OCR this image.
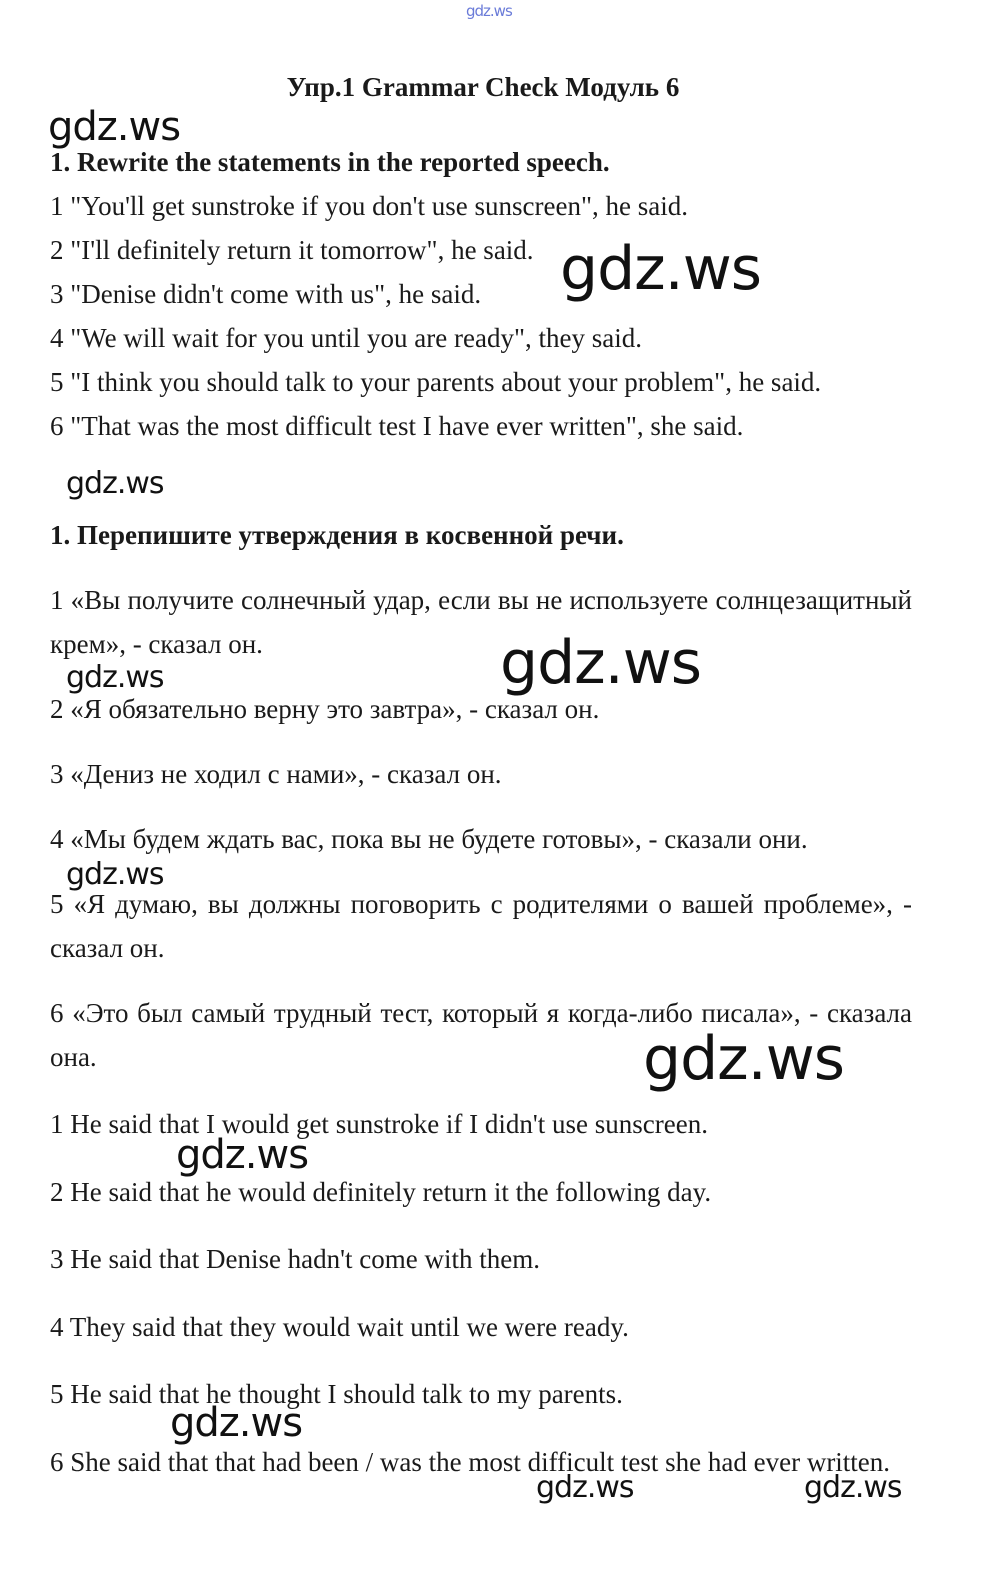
gdz.ws
gdz.ws
gdz.ws
gdz.ws
gdz.ws
gdz.ws
gdz.ws
gdz.ws
gdz.ws
gdz.ws
gdz.ws	gdz.ws

Упр.1 Grammar Check Модуль 6

1. Rewrite the statements in the reported speech.

1 "You'll get sunstroke if you don't use sunscreen", he said.

2 "I'll definitely return it tomorrow", he said.

3 "Denise didn't come with us", he said.

4 "We will wait for you until you are ready", they said.

5 "I think you should talk to your parents about your problem", he said.

6 "That was the most difficult test I have ever written", she said.

1. Перепишите утверждения в косвенной речи.

1 «Вы получите солнечный удар, если вы не используете солнцезащитный крем», - сказал он.

2 «Я обязательно верну это завтра», - сказал он.

3 «Дениз не ходил с нами», - сказал он.

4 «Мы будем ждать вас, пока вы не будете готовы», - сказали они.

5 «Я думаю, вы должны поговорить с родителями о вашей проблеме», - сказал он.

6 «Это был самый трудный тест, который я когда-либо писала», - сказала она.

1 He said that I would get sunstroke if I didn't use sunscreen.

2 He said that he would definitely return it the following day.

3 He said that Denise hadn't come with them.

4 They said that they would wait until we were ready.

5 He said that he thought I should talk to my parents.

6 She said that that had been / was the most difficult test she had ever written.
